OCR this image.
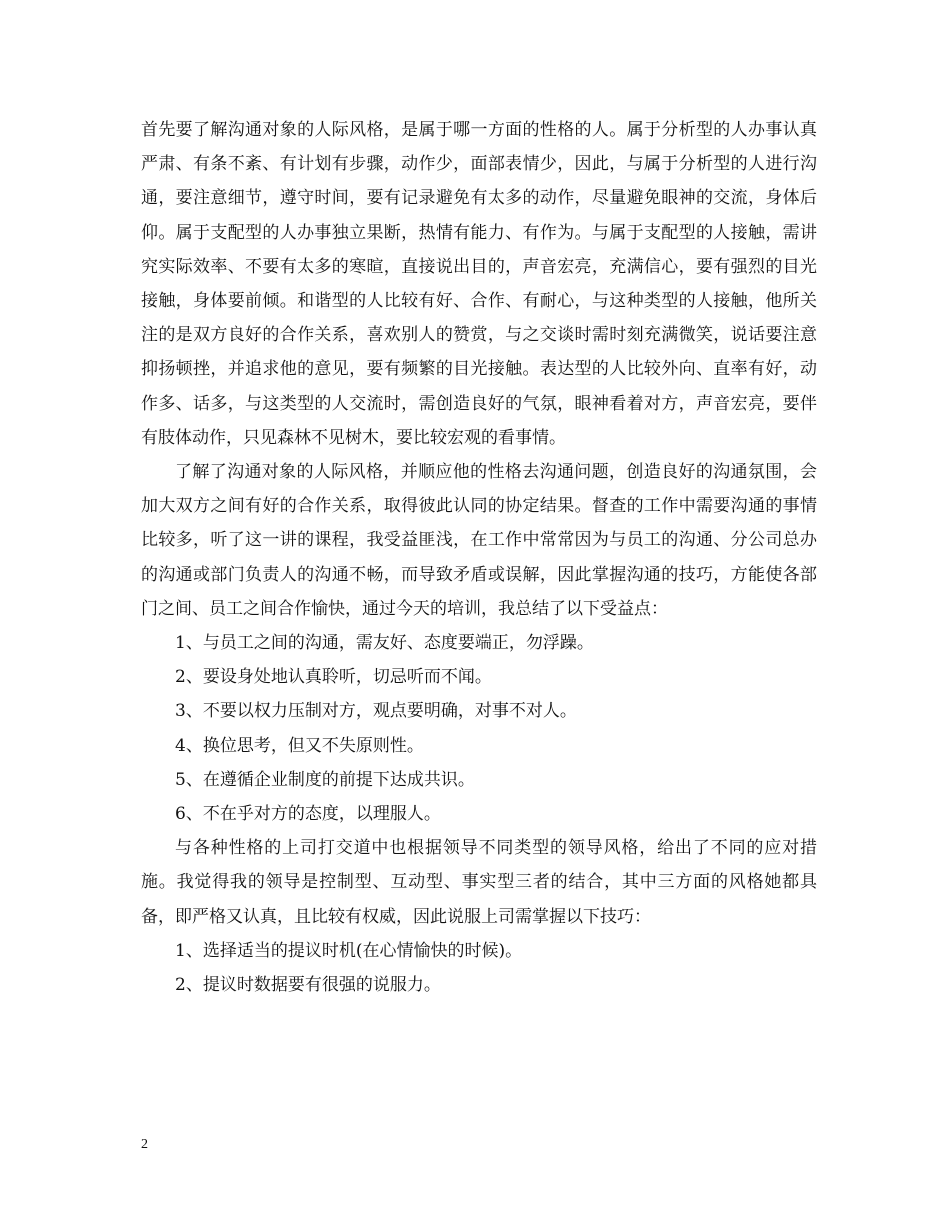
首先要了解沟通对象的人际风格，是属于哪一方面的性格的人。属于分析型的人办事认真严肃、有条不紊、有计划有步骤，动作少，面部表情少，因此，与属于分析型的人进行沟通，要注意细节，遵守时间，要有记录避免有太多的动作，尽量避免眼神的交流，身体后仰。属于支配型的人办事独立果断，热情有能力、有作为。与属于支配型的人接触，需讲究实际效率、不要有太多的寒暄，直接说出目的，声音宏亮，充满信心，要有强烈的目光接触，身体要前倾。和谐型的人比较有好、合作、有耐心，与这种类型的人接触，他所关注的是双方良好的合作关系，喜欢别人的赞赏，与之交谈时需时刻充满微笑，说话要注意抑扬顿挫，并追求他的意见，要有频繁的目光接触。表达型的人比较外向、直率有好，动作多、话多，与这类型的人交流时，需创造良好的气氛，眼神看着对方，声音宏亮，要伴有肢体动作，只见森林不见树木，要比较宏观的看事情。

了解了沟通对象的人际风格，并顺应他的性格去沟通问题，创造良好的沟通氛围，会加大双方之间有好的合作关系，取得彼此认同的协定结果。督查的工作中需要沟通的事情比较多，听了这一讲的课程，我受益匪浅，在工作中常常因为与员工的沟通、分公司总办的沟通或部门负责人的沟通不畅，而导致矛盾或误解，因此掌握沟通的技巧，方能使各部门之间、员工之间合作愉快，通过今天的培训，我总结了以下受益点：

1、与员工之间的沟通，需友好、态度要端正，勿浮躁。

2、要设身处地认真聆听，切忌听而不闻。

3、不要以权力压制对方，观点要明确，对事不对人。

4、换位思考，但又不失原则性。

5、在遵循企业制度的前提下达成共识。

6、不在乎对方的态度，以理服人。

与各种性格的上司打交道中也根据领导不同类型的领导风格，给出了不同的应对措施。我觉得我的领导是控制型、互动型、事实型三者的结合，其中三方面的风格她都具备，即严格又认真，且比较有权威，因此说服上司需掌握以下技巧：

1、选择适当的提议时机(在心情愉快的时候)。

2、提议时数据要有很强的说服力。

2
